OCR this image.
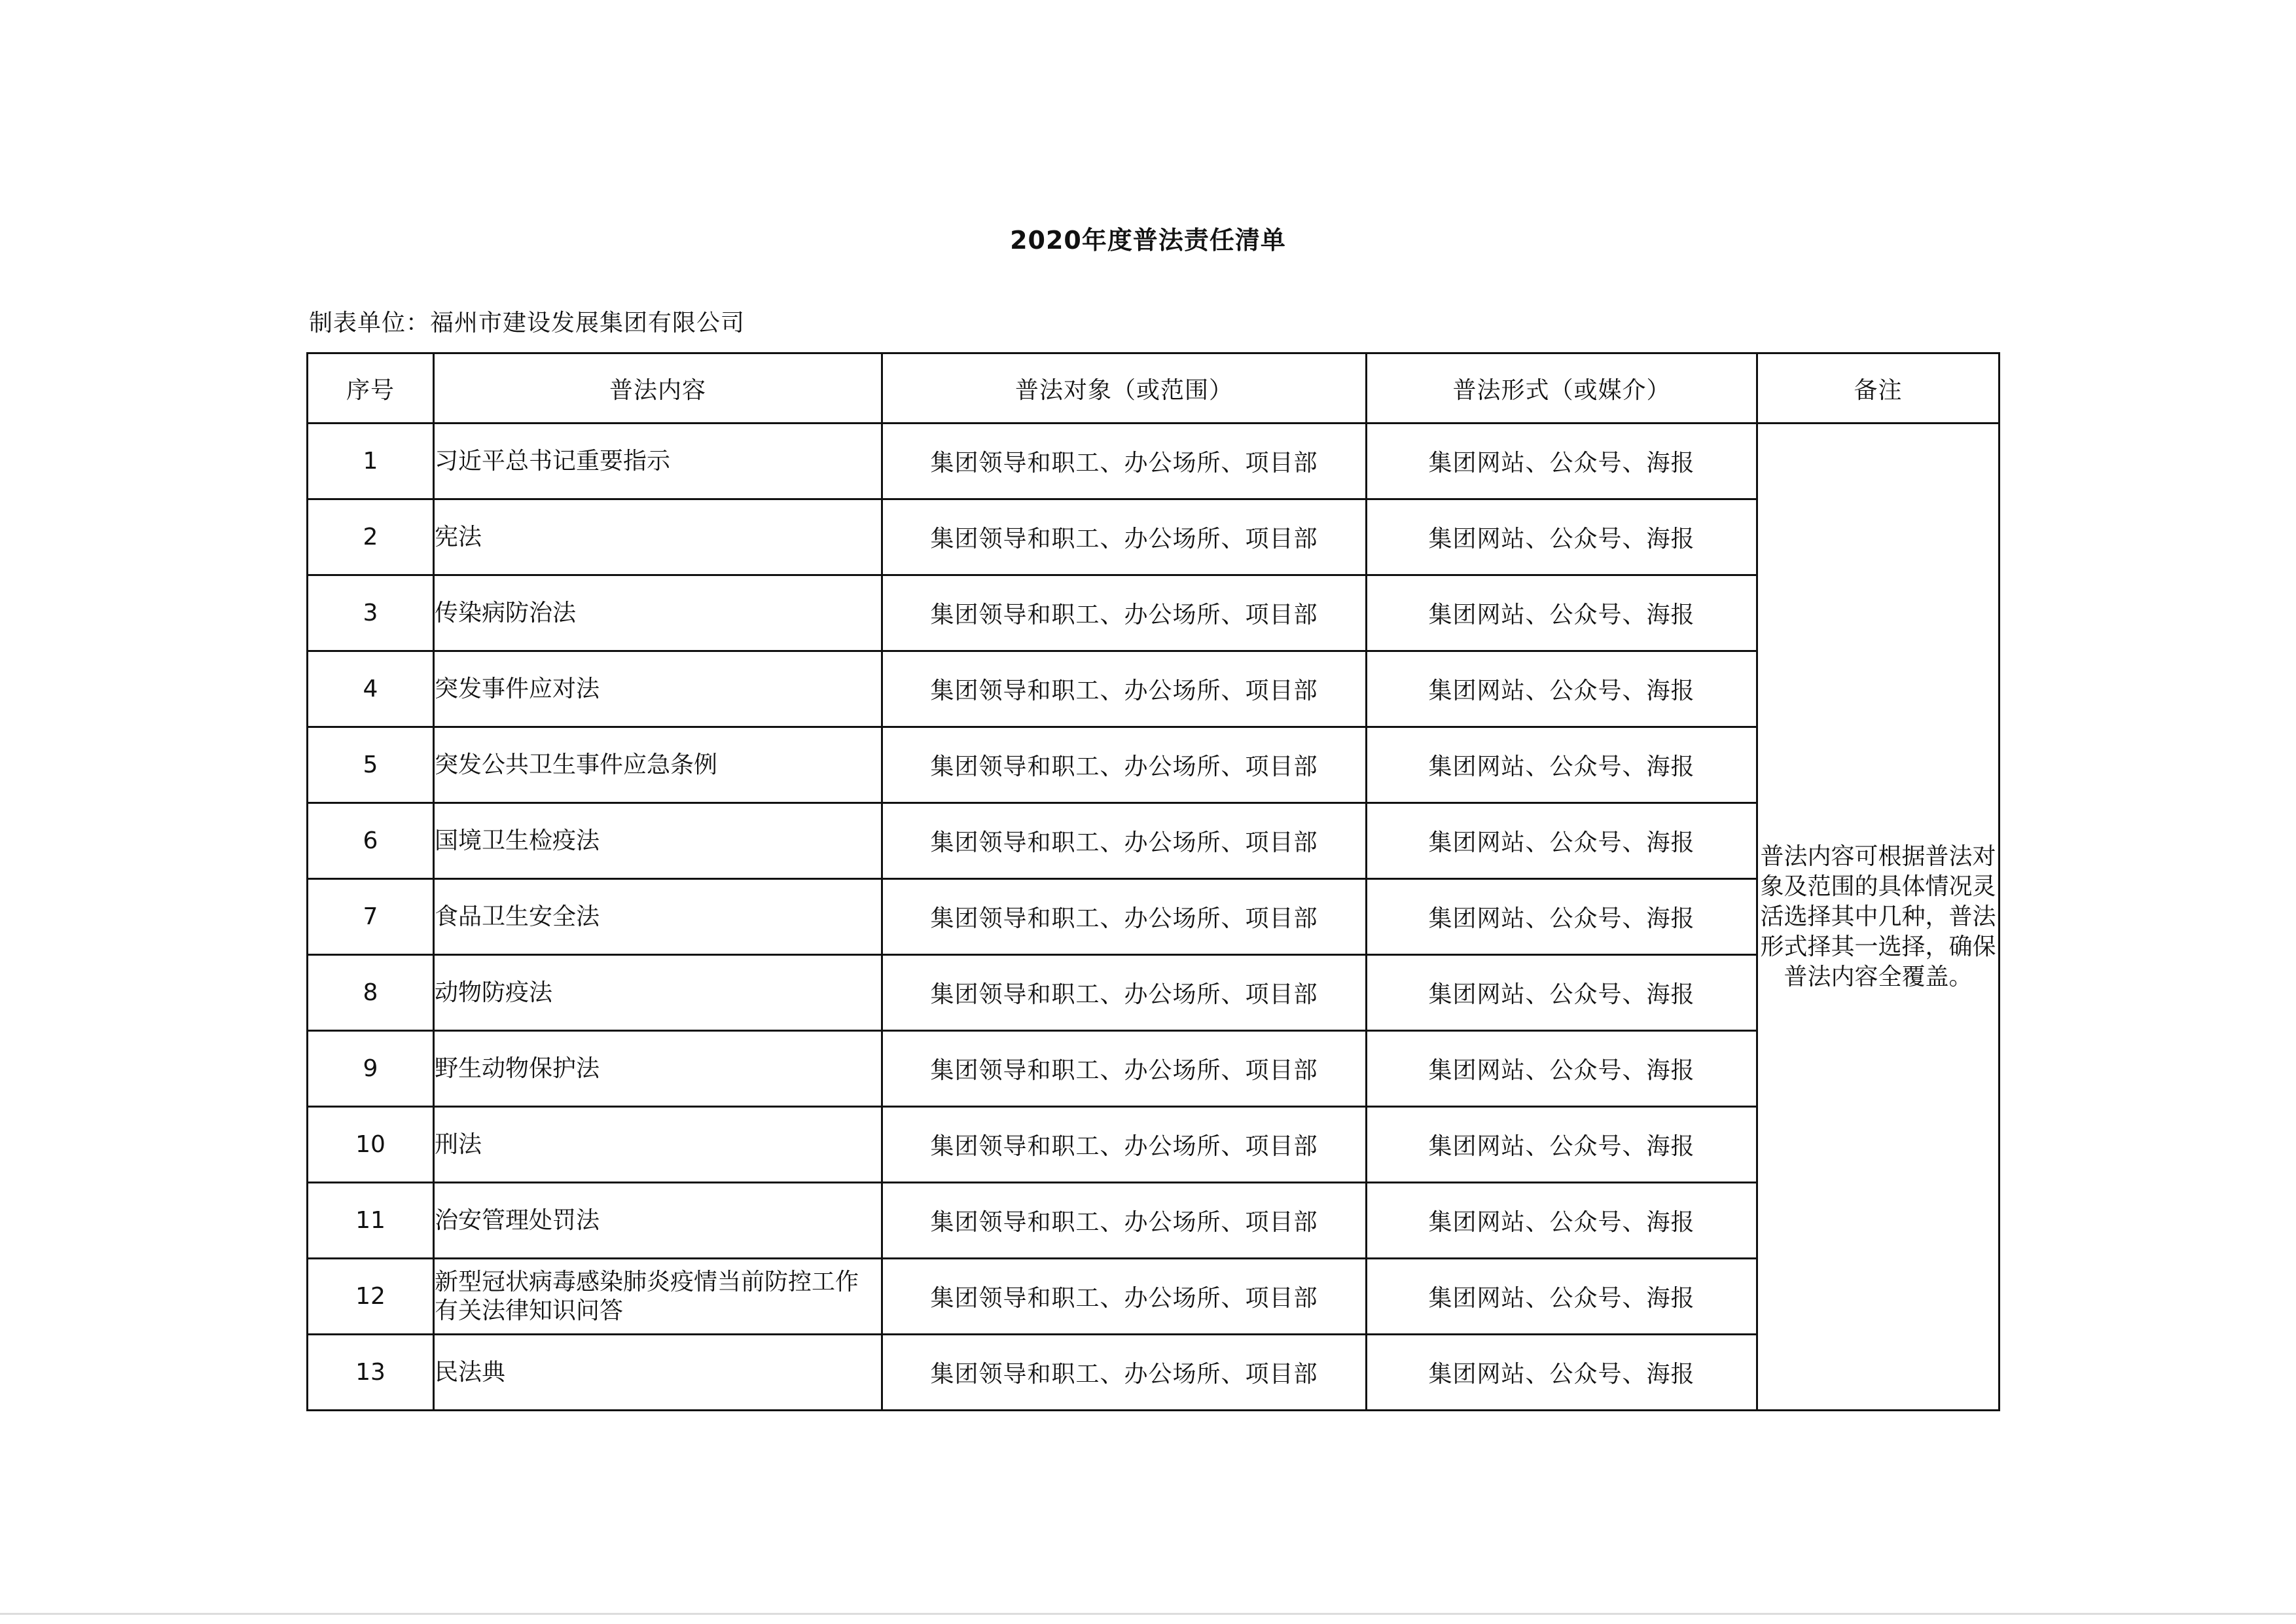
2020年度普法责任清单
制表单位：福州市建设发展集团有限公司
序号	普法内容	普法对象（或范围）	普法形式（或媒介）	备注
1	习近平总书记重要指示	集团领导和职工、办公场所、项目部	集团网站、公众号、海报	普法内容可根据普法对象及范围的具体情况灵活选择其中几种，普法形式择其一选择，确保普法内容全覆盖。
2	宪法	集团领导和职工、办公场所、项目部	集团网站、公众号、海报	
3	传染病防治法	集团领导和职工、办公场所、项目部	集团网站、公众号、海报	
4	突发事件应对法	集团领导和职工、办公场所、项目部	集团网站、公众号、海报	
5	突发公共卫生事件应急条例	集团领导和职工、办公场所、项目部	集团网站、公众号、海报	
6	国境卫生检疫法	集团领导和职工、办公场所、项目部	集团网站、公众号、海报	
7	食品卫生安全法	集团领导和职工、办公场所、项目部	集团网站、公众号、海报	
8	动物防疫法	集团领导和职工、办公场所、项目部	集团网站、公众号、海报	
9	野生动物保护法	集团领导和职工、办公场所、项目部	集团网站、公众号、海报	
10	刑法	集团领导和职工、办公场所、项目部	集团网站、公众号、海报	
11	治安管理处罚法	集团领导和职工、办公场所、项目部	集团网站、公众号、海报	
12	新型冠状病毒感染肺炎疫情当前防控工作有关法律知识问答	集团领导和职工、办公场所、项目部	集团网站、公众号、海报	
13	民法典	集团领导和职工、办公场所、项目部	集团网站、公众号、海报	
